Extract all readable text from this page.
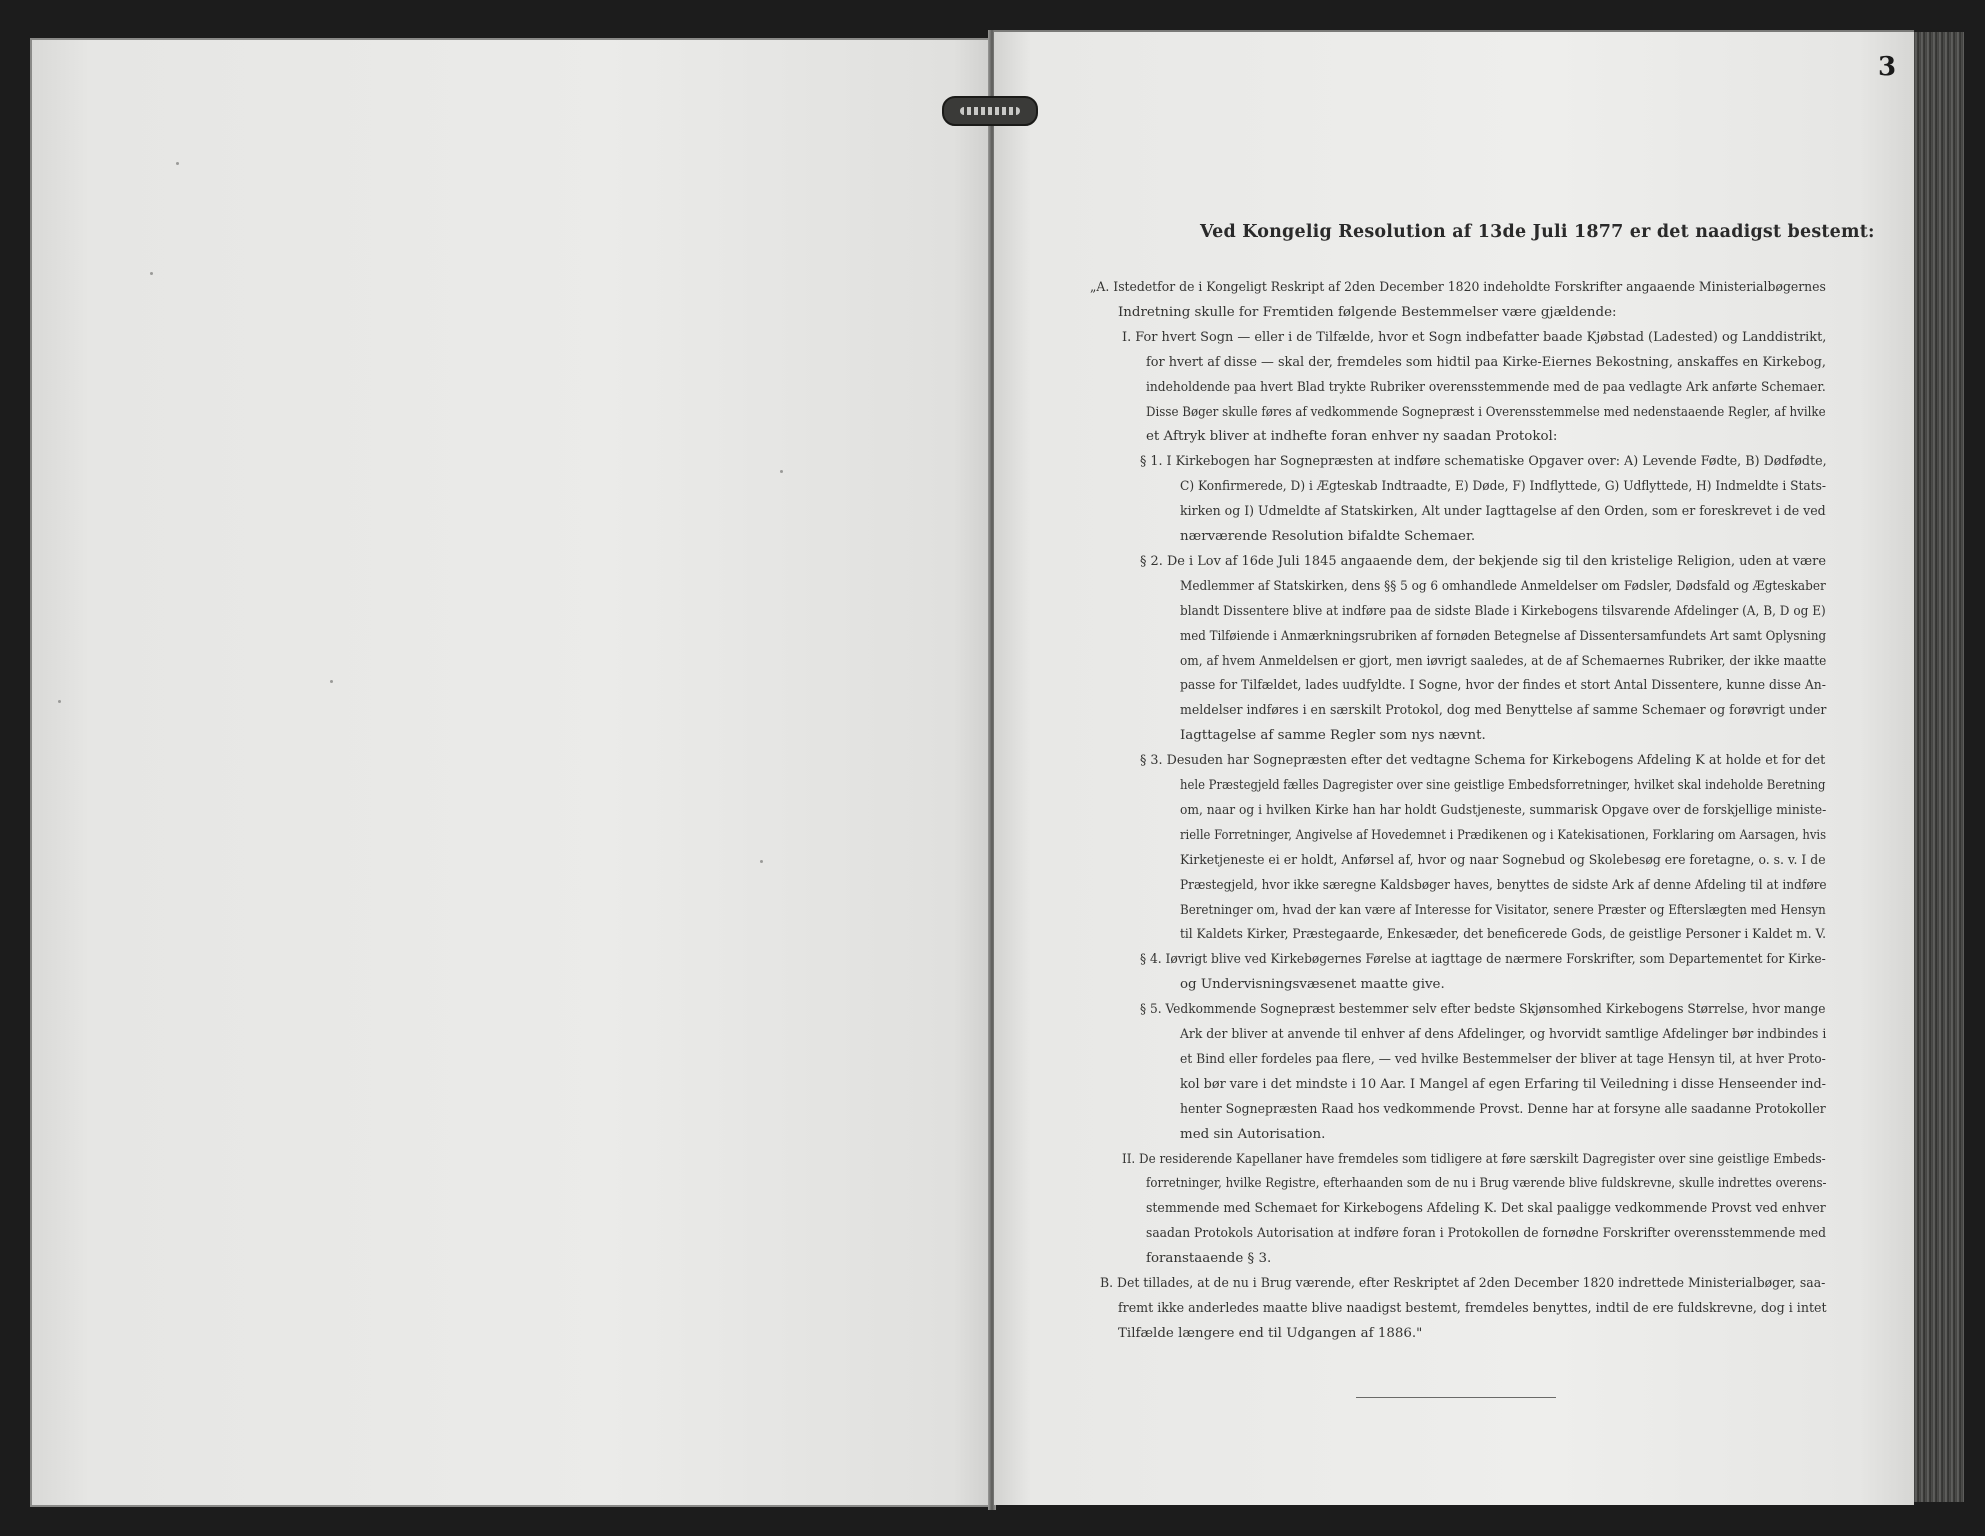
3
Ved Kongelig Resolution af 13de Juli 1877 er det naadigst bestemt:
„A. Istedetfor de i Kongeligt Reskript af 2den December 1820 indeholdte Forskrifter angaaende Ministerialbøgernes
Indretning skulle for Fremtiden følgende Bestemmelser være gjældende:
I. For hvert Sogn — eller i de Tilfælde, hvor et Sogn indbefatter baade Kjøbstad (Ladested) og Landdistrikt,
for hvert af disse — skal der, fremdeles som hidtil paa Kirke-Eiernes Bekostning, anskaffes en Kirkebog,
indeholdende paa hvert Blad trykte Rubriker overensstemmende med de paa vedlagte Ark anførte Schemaer.
Disse Bøger skulle føres af vedkommende Sognepræst i Overensstemmelse med nedenstaaende Regler, af hvilke
et Aftryk bliver at indhefte foran enhver ny saadan Protokol:
§ 1. I Kirkebogen har Sognepræsten at indføre schematiske Opgaver over: A) Levende Fødte, B) Dødfødte,
C) Konfirmerede, D) i Ægteskab Indtraadte, E) Døde, F) Indflyttede, G) Udflyttede, H) Indmeldte i Stats-
kirken og I) Udmeldte af Statskirken, Alt under Iagttagelse af den Orden, som er foreskrevet i de ved
nærværende Resolution bifaldte Schemaer.
§ 2. De i Lov af 16de Juli 1845 angaaende dem, der bekjende sig til den kristelige Religion, uden at være
Medlemmer af Statskirken, dens §§ 5 og 6 omhandlede Anmeldelser om Fødsler, Dødsfald og Ægteskaber
blandt Dissentere blive at indføre paa de sidste Blade i Kirkebogens tilsvarende Afdelinger (A, B, D og E)
med Tilføiende i Anmærkningsrubriken af fornøden Betegnelse af Dissentersamfundets Art samt Oplysning
om, af hvem Anmeldelsen er gjort, men iøvrigt saaledes, at de af Schemaernes Rubriker, der ikke maatte
passe for Tilfældet, lades uudfyldte. I Sogne, hvor der findes et stort Antal Dissentere, kunne disse An-
meldelser indføres i en særskilt Protokol, dog med Benyttelse af samme Schemaer og forøvrigt under
Iagttagelse af samme Regler som nys nævnt.
§ 3. Desuden har Sognepræsten efter det vedtagne Schema for Kirkebogens Afdeling K at holde et for det
hele Præstegjeld fælles Dagregister over sine geistlige Embedsforretninger, hvilket skal indeholde Beretning
om, naar og i hvilken Kirke han har holdt Gudstjeneste, summarisk Opgave over de forskjellige ministe-
rielle Forretninger, Angivelse af Hovedemnet i Prædikenen og i Katekisationen, Forklaring om Aarsagen, hvis
Kirketjeneste ei er holdt, Anførsel af, hvor og naar Sognebud og Skolebesøg ere foretagne, o. s. v. I de
Præstegjeld, hvor ikke særegne Kaldsbøger haves, benyttes de sidste Ark af denne Afdeling til at indføre
Beretninger om, hvad der kan være af Interesse for Visitator, senere Præster og Efterslægten med Hensyn
til Kaldets Kirker, Præstegaarde, Enkesæder, det beneficerede Gods, de geistlige Personer i Kaldet m. V.
§ 4. Iøvrigt blive ved Kirkebøgernes Førelse at iagttage de nærmere Forskrifter, som Departementet for Kirke-
og Undervisningsvæsenet maatte give.
§ 5. Vedkommende Sognepræst bestemmer selv efter bedste Skjønsomhed Kirkebogens Størrelse, hvor mange
Ark der bliver at anvende til enhver af dens Afdelinger, og hvorvidt samtlige Afdelinger bør indbindes i
et Bind eller fordeles paa flere, — ved hvilke Bestemmelser der bliver at tage Hensyn til, at hver Proto-
kol bør vare i det mindste i 10 Aar. I Mangel af egen Erfaring til Veiledning i disse Henseender ind-
henter Sognepræsten Raad hos vedkommende Provst. Denne har at forsyne alle saadanne Protokoller
med sin Autorisation.
II. De residerende Kapellaner have fremdeles som tidligere at føre særskilt Dagregister over sine geistlige Embeds-
forretninger, hvilke Registre, efterhaanden som de nu i Brug værende blive fuldskrevne, skulle indrettes overens-
stemmende med Schemaet for Kirkebogens Afdeling K. Det skal paaligge vedkommende Provst ved enhver
saadan Protokols Autorisation at indføre foran i Protokollen de fornødne Forskrifter overensstemmende med
foranstaaende § 3.
B. Det tillades, at de nu i Brug værende, efter Reskriptet af 2den December 1820 indrettede Ministerialbøger, saa-
fremt ikke anderledes maatte blive naadigst bestemt, fremdeles benyttes, indtil de ere fuldskrevne, dog i intet
Tilfælde længere end til Udgangen af 1886."
